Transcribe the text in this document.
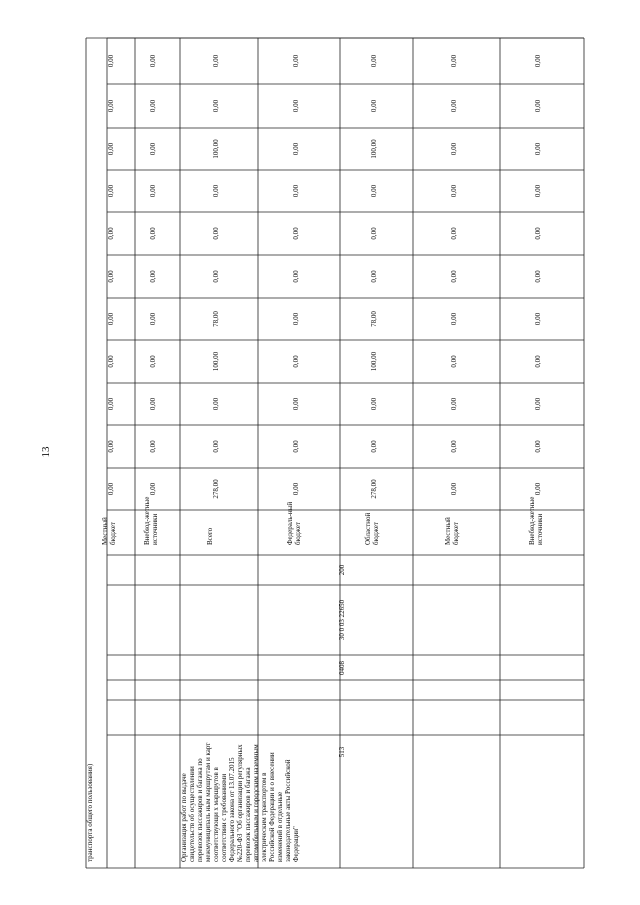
13
0,00
0,00
0,00
0,00
0,00
0,00
0,00
0,00
0,00
0,00
0,00
Местныйбюджет
0,00
0,00
0,00
0,00
0,00
0,00
0,00
0,00
0,00
0,00
0,00
Внебюд-жетныеисточники
0,00
0,00
100,00
0,00
0,00
0,00
78,00
100,00
0,00
0,00
278,00
Всего
0,00
0,00
0,00
0,00
0,00
0,00
0,00
0,00
0,00
0,00
0,00
Федераль-ныйбюджет
0,00
0,00
100,00
0,00
0,00
0,00
78,00
100,00
0,00
0,00
278,00
Областнойбюджет
0,00
0,00
0,00
0,00
0,00
0,00
0,00
0,00
0,00
0,00
0,00
Местныйбюджет
0,00
0,00
0,00
0,00
0,00
0,00
0,00
0,00
0,00
0,00
0,00
Внебюд-жетныеисточники
транспорта общего пользования)	Организация работ по выдачесвидетельств об осуществленииперевозок пассажиров и багажа помежмуниципаль ным маршрутам и картсоответствующи х маршрутов всоответствии с требованиямиФедерального закона от 13.07.2015№220-ФЗ "Об организации регулярныхперевозок пассажиров и багажаавтомобильным и городским наземнымэлектрическим транспортом вРоссийской Федерации и о внесенииизменений в отдельныезаконодательные акты РоссийскойФедерации"
513
0408
30 0 03 22650
200
